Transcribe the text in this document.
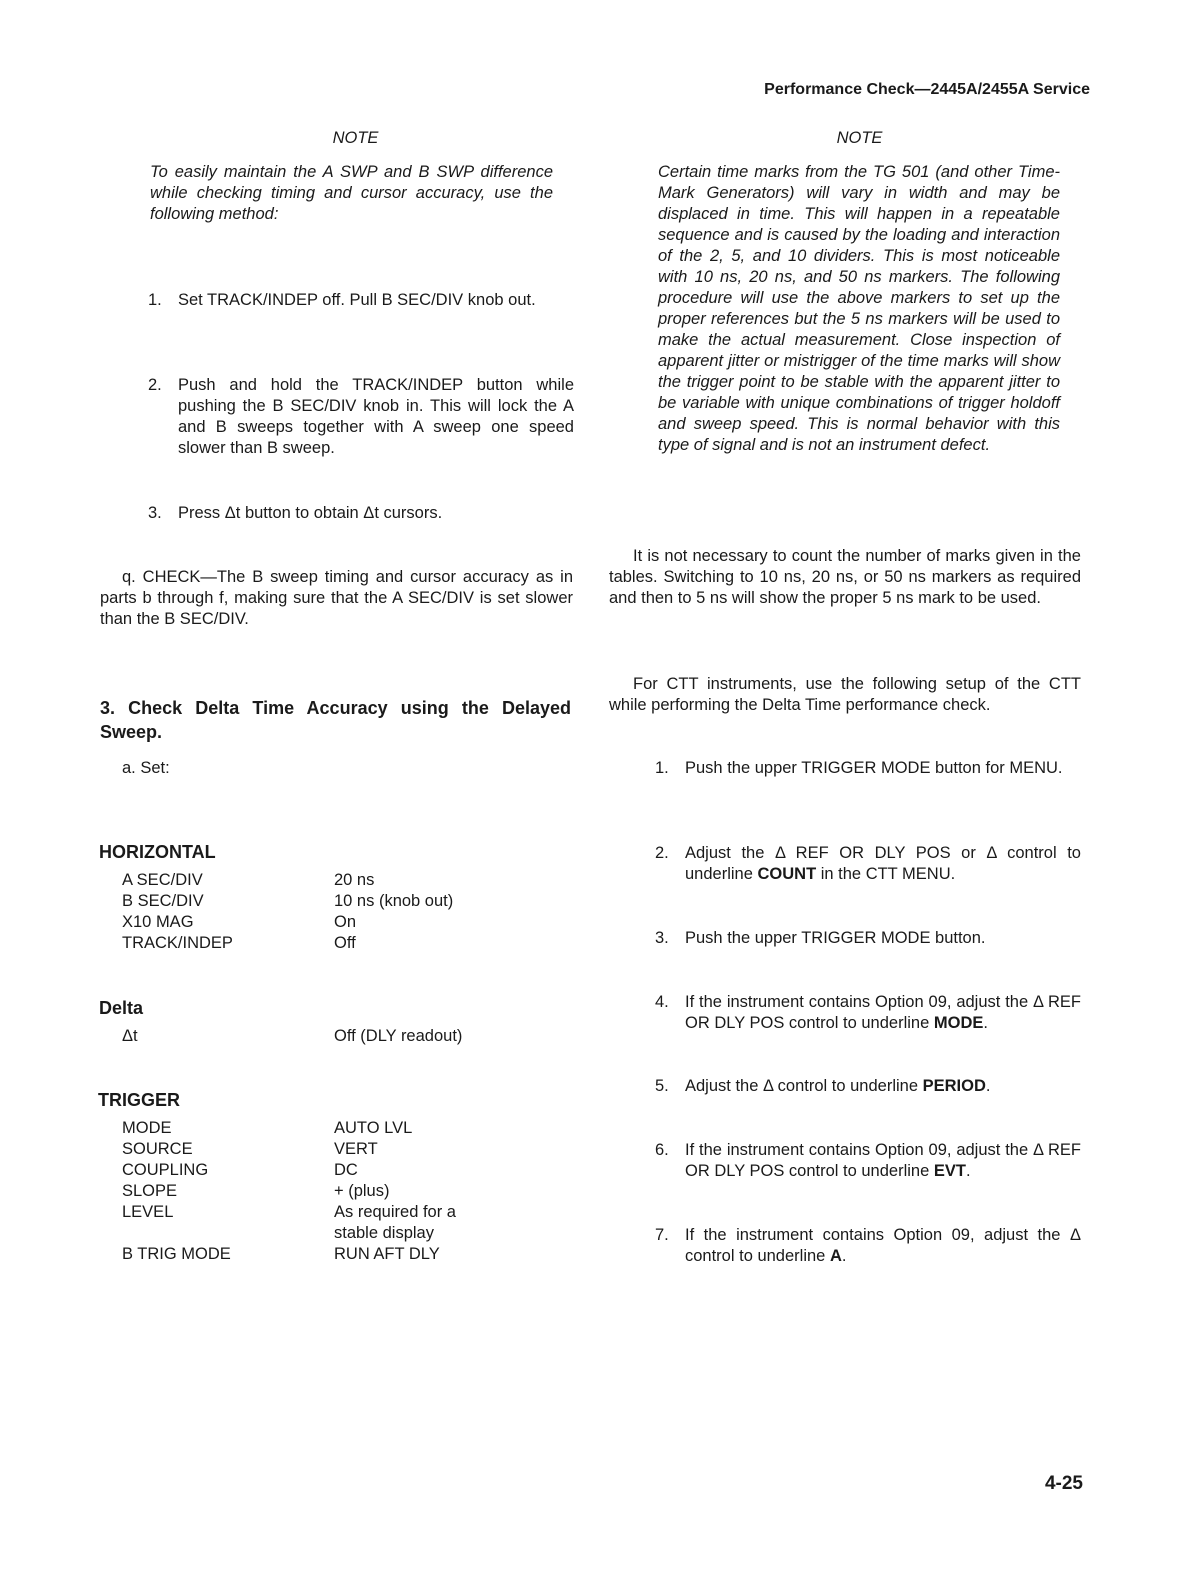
Performance Check—2445A/2455A Service
NOTE
To easily maintain the A SWP and B SWP difference while checking timing and cursor accuracy, use the following method:
1. Set TRACK/INDEP off. Pull B SEC/DIV knob out.
2. Push and hold the TRACK/INDEP button while pushing the B SEC/DIV knob in. This will lock the A and B sweeps together with A sweep one speed slower than B sweep.
3. Press Δt button to obtain Δt cursors.
q. CHECK—The B sweep timing and cursor accuracy as in parts b through f, making sure that the A SEC/DIV is set slower than the B SEC/DIV.
3. Check Delta Time Accuracy using the Delayed Sweep.
a. Set:
HORIZONTAL
A SEC/DIV	20 ns
B SEC/DIV	10 ns (knob out)
X10 MAG	On
TRACK/INDEP	Off
Delta
Δt	Off (DLY readout)
TRIGGER
MODE	AUTO LVL
SOURCE	VERT
COUPLING	DC
SLOPE	+ (plus)
LEVEL	As required for a stable display
B TRIG MODE	RUN AFT DLY
NOTE
Certain time marks from the TG 501 (and other Time-Mark Generators) will vary in width and may be displaced in time. This will happen in a repeatable sequence and is caused by the loading and interaction of the 2, 5, and 10 dividers. This is most noticeable with 10 ns, 20 ns, and 50 ns markers. The following procedure will use the above markers to set up the proper references but the 5 ns markers will be used to make the actual measurement. Close inspection of apparent jitter or mistrigger of the time marks will show the trigger point to be stable with the apparent jitter to be variable with unique combinations of trigger holdoff and sweep speed. This is normal behavior with this type of signal and is not an instrument defect.
It is not necessary to count the number of marks given in the tables. Switching to 10 ns, 20 ns, or 50 ns markers as required and then to 5 ns will show the proper 5 ns mark to be used.
For CTT instruments, use the following setup of the CTT while performing the Delta Time performance check.
1. Push the upper TRIGGER MODE button for MENU.
2. Adjust the Δ REF OR DLY POS or Δ control to underline COUNT in the CTT MENU.
3. Push the upper TRIGGER MODE button.
4. If the instrument contains Option 09, adjust the Δ REF OR DLY POS control to underline MODE.
5. Adjust the Δ control to underline PERIOD.
6. If the instrument contains Option 09, adjust the Δ REF OR DLY POS control to underline EVT.
7. If the instrument contains Option 09, adjust the Δ control to underline A.
4-25
